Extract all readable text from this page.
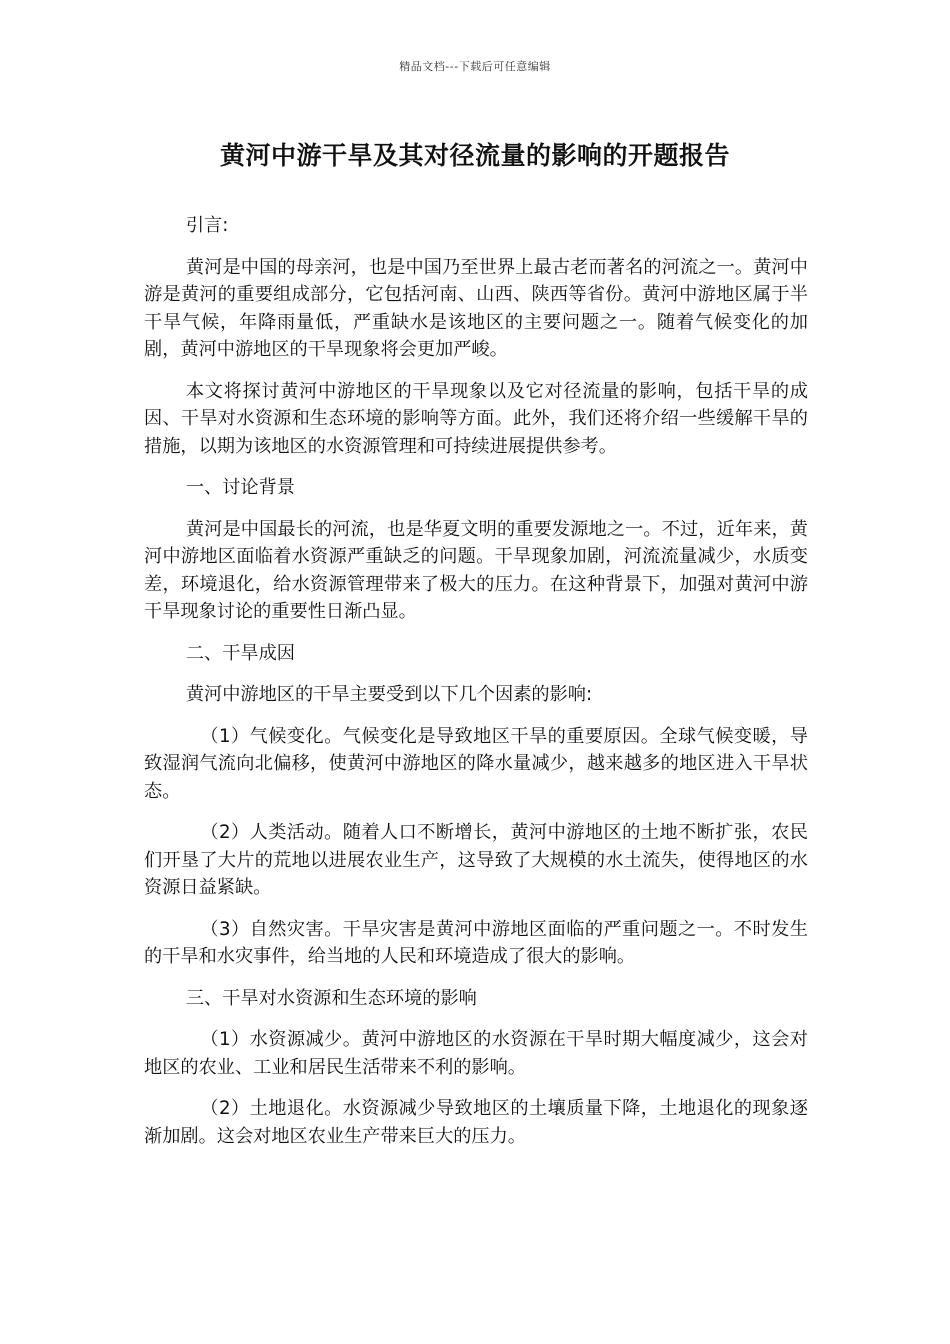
精品文档---下载后可任意编辑
黄河中游干旱及其对径流量的影响的开题报告

引言:

黄河是中国的母亲河，也是中国乃至世界上最古老而著名的河流之一。黄河中游是黄河的重要组成部分，它包括河南、山西、陕西等省份。黄河中游地区属于半干旱气候，年降雨量低，严重缺水是该地区的主要问题之一。随着气候变化的加剧，黄河中游地区的干旱现象将会更加严峻。

本文将探讨黄河中游地区的干旱现象以及它对径流量的影响，包括干旱的成因、干旱对水资源和生态环境的影响等方面。此外，我们还将介绍一些缓解干旱的措施，以期为该地区的水资源管理和可持续进展提供参考。

一、讨论背景

黄河是中国最长的河流，也是华夏文明的重要发源地之一。不过，近年来，黄河中游地区面临着水资源严重缺乏的问题。干旱现象加剧，河流流量减少，水质变差，环境退化，给水资源管理带来了极大的压力。在这种背景下，加强对黄河中游干旱现象讨论的重要性日渐凸显。

二、干旱成因

黄河中游地区的干旱主要受到以下几个因素的影响:

（1）气候变化。气候变化是导致地区干旱的重要原因。全球气候变暖，导致湿润气流向北偏移，使黄河中游地区的降水量减少，越来越多的地区进入干旱状态。

（2）人类活动。随着人口不断增长，黄河中游地区的土地不断扩张，农民们开垦了大片的荒地以进展农业生产，这导致了大规模的水土流失，使得地区的水资源日益紧缺。

（3）自然灾害。干旱灾害是黄河中游地区面临的严重问题之一。不时发生的干旱和水灾事件，给当地的人民和环境造成了很大的影响。

三、干旱对水资源和生态环境的影响

（1）水资源减少。黄河中游地区的水资源在干旱时期大幅度减少，这会对地区的农业、工业和居民生活带来不利的影响。

（2）土地退化。水资源减少导致地区的土壤质量下降，土地退化的现象逐渐加剧。这会对地区农业生产带来巨大的压力。
